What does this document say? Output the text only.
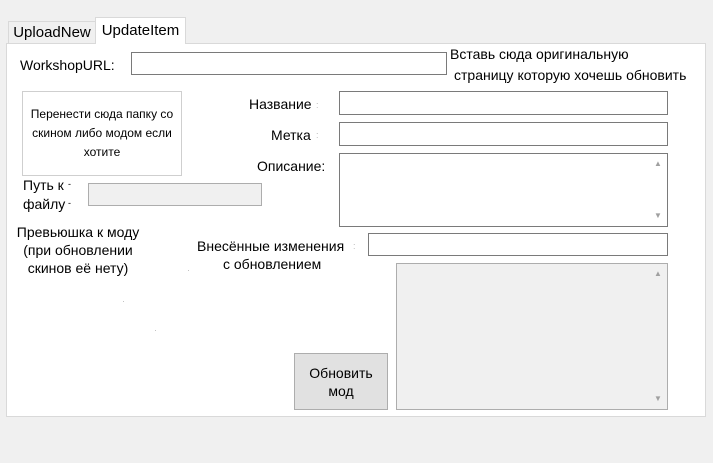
UploadNew UpdateItem
WorkshopURL:
Вставь сюда оригинальную
страницу которую хочешь обновить
Перенести сюда папку со скином либо модом если хотите
Название :
Метка :
Описание:	▲
▼
Путь к -
файлу -
Превьюшка к моду (при обновлении скинов её нету)
Внесённые изменения :
с обновлением
▲
▼
Обновить мод
·
·
·
